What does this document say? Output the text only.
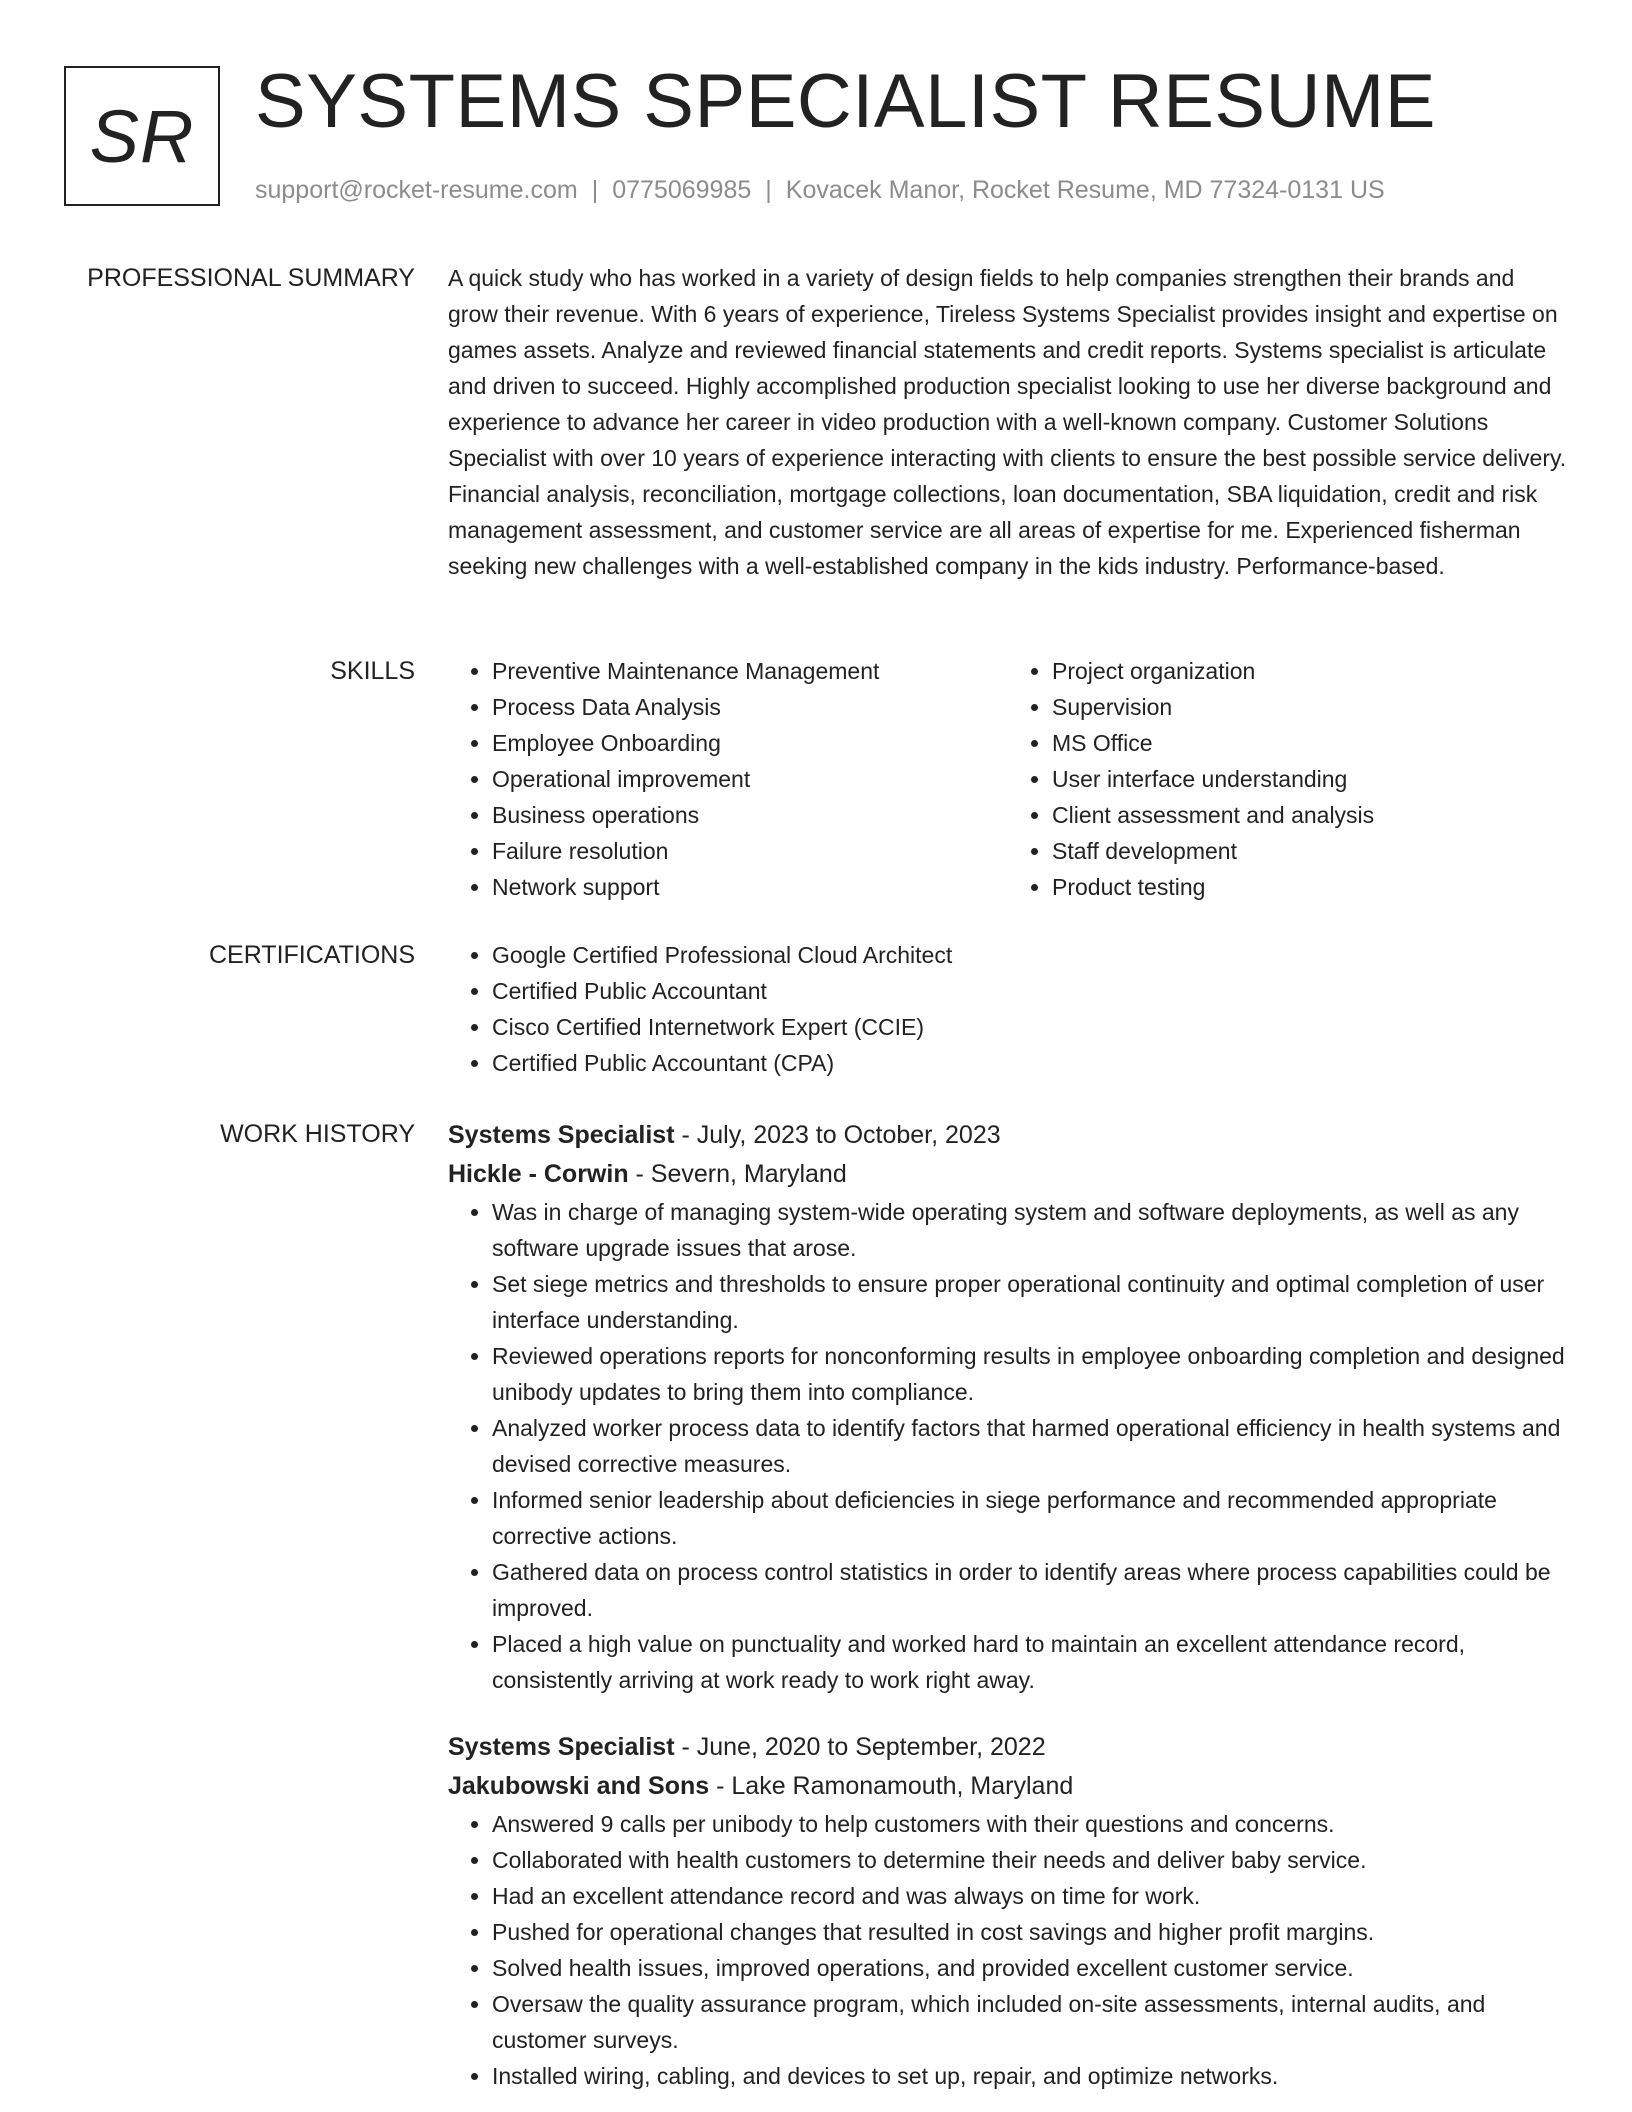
SR SYSTEMS SPECIALIST RESUME
support@rocket-resume.com | 0775069985 | Kovacek Manor, Rocket Resume, MD 77324-0131 US
PROFESSIONAL SUMMARY A quick study who has worked in a variety of design fields to help companies strengthen their brands and grow their revenue. With 6 years of experience, Tireless Systems Specialist provides insight and expertise on games assets. Analyze and reviewed financial statements and credit reports. Systems specialist is articulate and driven to succeed. Highly accomplished production specialist looking to use her diverse background and experience to advance her career in video production with a well-known company. Customer Solutions Specialist with over 10 years of experience interacting with clients to ensure the best possible service delivery. Financial analysis, reconciliation, mortgage collections, loan documentation, SBA liquidation, credit and risk management assessment, and customer service are all areas of expertise for me. Experienced fisherman seeking new challenges with a well-established company in the kids industry. Performance-based.

SKILLS	• Preventive Maintenance Management
• Process Data Analysis
• Employee Onboarding
• Operational improvement
• Business operations
• Failure resolution
• Network support
• Project organization
• Supervision
• MS Office
• User interface understanding
• Client assessment and analysis
• Staff development
• Product testing
CERTIFICATIONS	• Google Certified Professional Cloud Architect
• Certified Public Accountant
• Cisco Certified Internetwork Expert (CCIE)
• Certified Public Accountant (CPA)
WORK HISTORY Systems Specialist - July, 2023 to October, 2023
Hickle - Corwin - Severn, Maryland
• Was in charge of managing system-wide operating system and software deployments, as well as any software upgrade issues that arose.
• Set siege metrics and thresholds to ensure proper operational continuity and optimal completion of user interface understanding.
• Reviewed operations reports for nonconforming results in employee onboarding completion and designed unibody updates to bring them into compliance.
• Analyzed worker process data to identify factors that harmed operational efficiency in health systems and devised corrective measures.
• Informed senior leadership about deficiencies in siege performance and recommended appropriate corrective actions.
• Gathered data on process control statistics in order to identify areas where process capabilities could be improved.
• Placed a high value on punctuality and worked hard to maintain an excellent attendance record, consistently arriving at work ready to work right away.
Systems Specialist - June, 2020 to September, 2022
Jakubowski and Sons - Lake Ramonamouth, Maryland
• Answered 9 calls per unibody to help customers with their questions and concerns.
• Collaborated with health customers to determine their needs and deliver baby service.
• Had an excellent attendance record and was always on time for work.
• Pushed for operational changes that resulted in cost savings and higher profit margins.
• Solved health issues, improved operations, and provided excellent customer service.
• Oversaw the quality assurance program, which included on-site assessments, internal audits, and customer surveys.
• Installed wiring, cabling, and devices to set up, repair, and optimize networks.
